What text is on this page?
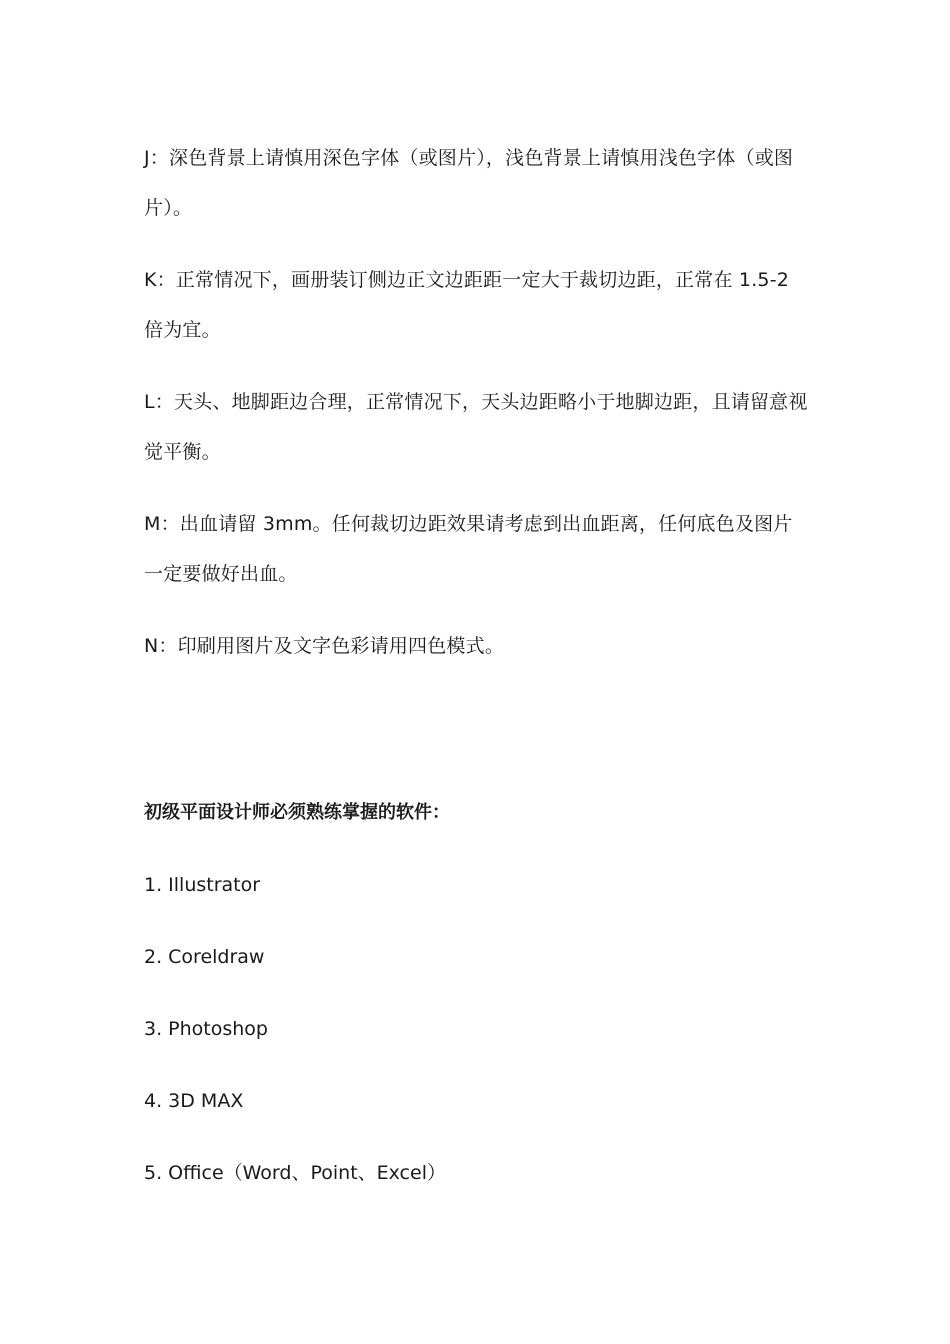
J：深色背景上请慎用深色字体（或图片），浅色背景上请慎用浅色字体（或图片）。

K：正常情况下，画册装订侧边正文边距距一定大于裁切边距，正常在 1.5-2 倍为宜。

L：天头、地脚距边合理，正常情况下，天头边距略小于地脚边距，且请留意视觉平衡。

M：出血请留 3mm。任何裁切边距效果请考虑到出血距离，任何底色及图片一定要做好出血。

N：印刷用图片及文字色彩请用四色模式。

初级平面设计师必须熟练掌握的软件：
1. Illustrator
2. Coreldraw
3. Photoshop
4. 3D MAX
5. Office（Word、Point、Excel）
